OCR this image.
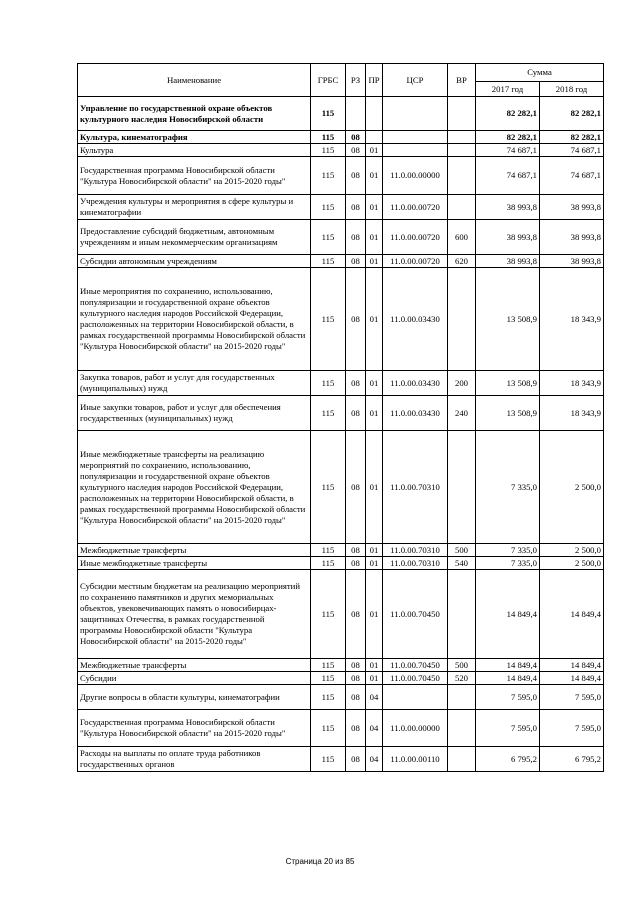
Наименование	ГРБС	РЗ	ПР	ЦСР	ВР	Сумма	
						2017 год	2018 год
Управление по государственной охране объектов культурного наследия Новосибирской области	115					82 282,1	82 282,1
Культура, кинематография	115	08				82 282,1	82 282,1
Культура	115	08	01			74 687,1	74 687,1
Государственная программа Новосибирской области "Культура Новосибирской области" на 2015-2020 годы"	115	08	01	11.0.00.00000		74 687,1	74 687,1
Учреждения культуры и мероприятия в сфере культуры и кинематографии	115	08	01	11.0.00.00720		38 993,8	38 993,8
Предоставление субсидий бюджетным, автономным учреждениям и иным некоммерческим организациям	115	08	01	11.0.00.00720	600	38 993,8	38 993,8
Субсидии автономным учреждениям	115	08	01	11.0.00.00720	620	38 993,8	38 993,8
Иные мероприятия по сохранению, использованию, популяризации и государственной охране объектов культурного наследия народов Российской Федерации, расположенных на территории Новосибирской области, в рамках государственной программы Новосибирской области "Культура Новосибирской области" на 2015-2020 годы"	115	08	01	11.0.00.03430		13 508,9	18 343,9
Закупка товаров, работ и услуг для государственных (муниципальных) нужд	115	08	01	11.0.00.03430	200	13 508,9	18 343,9
Иные закупки товаров, работ и услуг для обеспечения государственных (муниципальных) нужд	115	08	01	11.0.00.03430	240	13 508,9	18 343,9
Иные межбюджетные трансферты на реализацию мероприятий по сохранению, использованию, популяризации и государственной охране объектов культурного наследия народов Российской Федерации, расположенных на территории Новосибирской области, в рамках государственной программы Новосибирской области "Культура Новосибирской области" на 2015-2020 годы"	115	08	01	11.0.00.70310		7 335,0	2 500,0
Межбюджетные трансферты	115	08	01	11.0.00.70310	500	7 335,0	2 500,0
Иные межбюджетные трансферты	115	08	01	11.0.00.70310	540	7 335,0	2 500,0
Субсидии местным бюджетам на реализацию мероприятий по сохранению памятников и других мемориальных объектов, увековечивающих память о новосибирцах-защитниках Отечества, в рамках государственной программы Новосибирской области "Культура Новосибирской области" на 2015-2020 годы"	115	08	01	11.0.00.70450		14 849,4	14 849,4
Межбюджетные трансферты	115	08	01	11.0.00.70450	500	14 849,4	14 849,4
Субсидии	115	08	01	11.0.00.70450	520	14 849,4	14 849,4
Другие вопросы в области культуры, кинематографии	115	08	04			7 595,0	7 595,0
Государственная программа Новосибирской области "Культура Новосибирской области" на 2015-2020 годы"	115	08	04	11.0.00.00000		7 595,0	7 595,0
Расходы на выплаты по оплате труда работников государственных органов	115	08	04	11.0.00.00110		6 795,2	6 795,2
Страница 20 из 85
